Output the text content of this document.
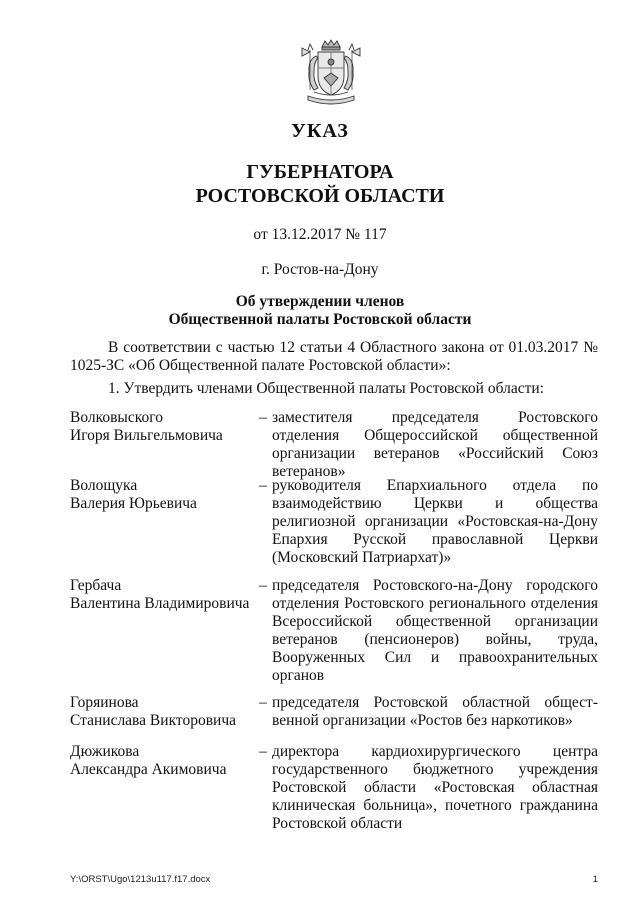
УКАЗ
ГУБЕРНАТОРА
РОСТОВСКОЙ ОБЛАСТИ
от 13.12.2017 № 117
г. Ростов-на-Дону
Об утверждении членов
Общественной палаты Ростовской области
В соответствии с частью 12 статьи 4 Областного закона от 01.03.2017 № 1025-ЗС «Об Общественной палате Ростовской области»:
1. Утвердить членами Общественной палаты Ростовской области:
Волковыского
Игоря Вильгельмовича
– заместителя председателя Ростовского отделения Общероссийской общественной организации ветеранов «Российский Союз ветеранов»
Волощука
Валерия Юрьевича
– руководителя Епархиального отдела по взаимодействию Церкви и общества религиозной организации «Ростовская-на-Дону Епархия Русской православной Церкви (Московский Патриархат)»
Гербача
Валентина Владимировича
– председателя Ростовского-на-Дону городского отделения Ростовского регионального отделения Всероссийской общественной организации ветеранов (пенсионеров) войны, труда, Вооруженных Сил и правоохранительных органов
Горяинова
Станислава Викторовича
– председателя Ростовской областной общест-венной организации «Ростов без наркотиков»
Дюжикова
Александра Акимовича
– директора кардиохирургического центра государственного бюджетного учреждения Ростовской области «Ростовская областная клиническая больница», почетного гражданина Ростовской области
Y:\ORST\Ugo\1213u117.f17.docx	1
